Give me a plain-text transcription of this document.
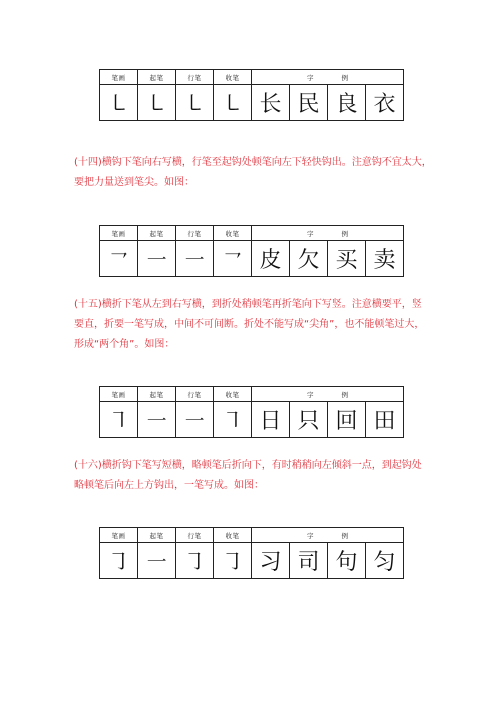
笔画	起笔	行笔	收笔	字 例			
㇄	㇄	㇄	㇄	长	民	良	衣

(十四)横钩下笔向右写横，行笔至起钩处顿笔向左下轻快钩出。注意钩不宜太大，
要把力量送到笔尖。如图：

笔画	起笔	行笔	收笔	字 例			
㇖	㇐	㇐	㇖	皮	欠	买	卖

(十五)横折下笔从左到右写横，到折处稍顿笔再折笔向下写竖。注意横要平，竖
要直，折要一笔写成，中间不可间断。折处不能写成“尖角”，也不能顿笔过大，
形成“两个角”。如图：

笔画	起笔	行笔	收笔	字 例			
㇕	㇐	㇐	㇕	日	只	回	田

(十六)横折钩下笔写短横，略顿笔后折向下，有时稍稍向左倾斜一点，到起钩处
略顿笔后向左上方钩出，一笔写成。如图：

笔画	起笔	行笔	收笔	字 例			
㇆	㇐	㇆	㇆	习	司	句	匀
